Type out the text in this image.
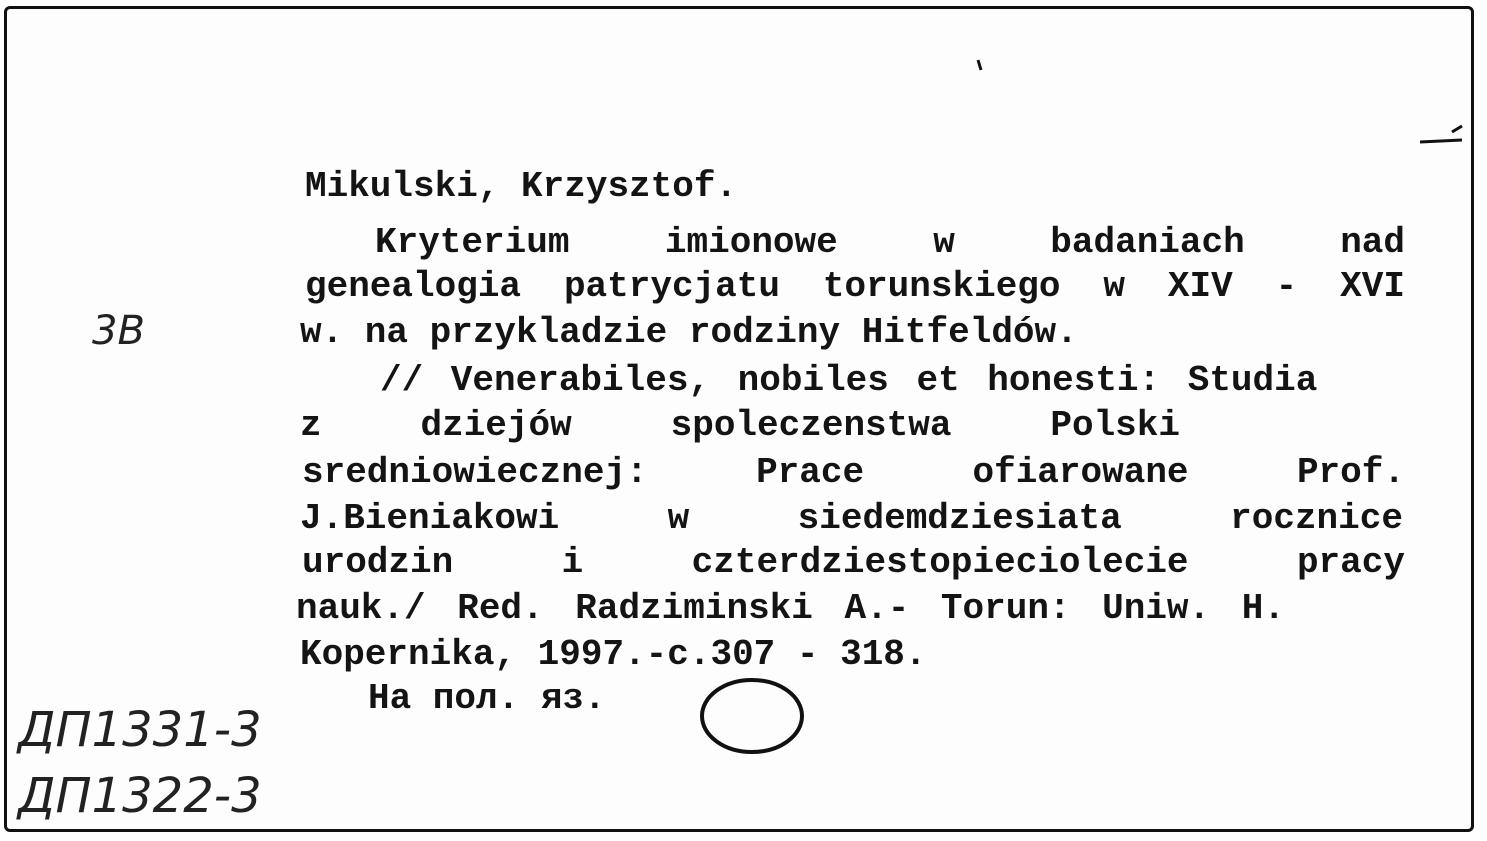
Mikulski, Krzysztof.
Kryterium	imionowe	w	badaniach	nad
genealogia patrycjatu torunskiego w XIV - XVI
w. na przykladzie rodziny Hitfeldów.
// Venerabiles, nobiles et honesti: Studia
z	dziejów	spoleczenstwa	Polski
sredniowiecznej:	Prace	ofiarowane	Prof.
J.Bieniakowi	w	siedemdziesiata	rocznice
urodzin	i	czterdziestopieciolecie	pracy
nauk./ Red. Radziminski A.- Torun: Uniw. H.
Kopernika, 1997.-c.307 - 318.
На пол. яз.
3B
ДП1331-3
ДП1322-3
